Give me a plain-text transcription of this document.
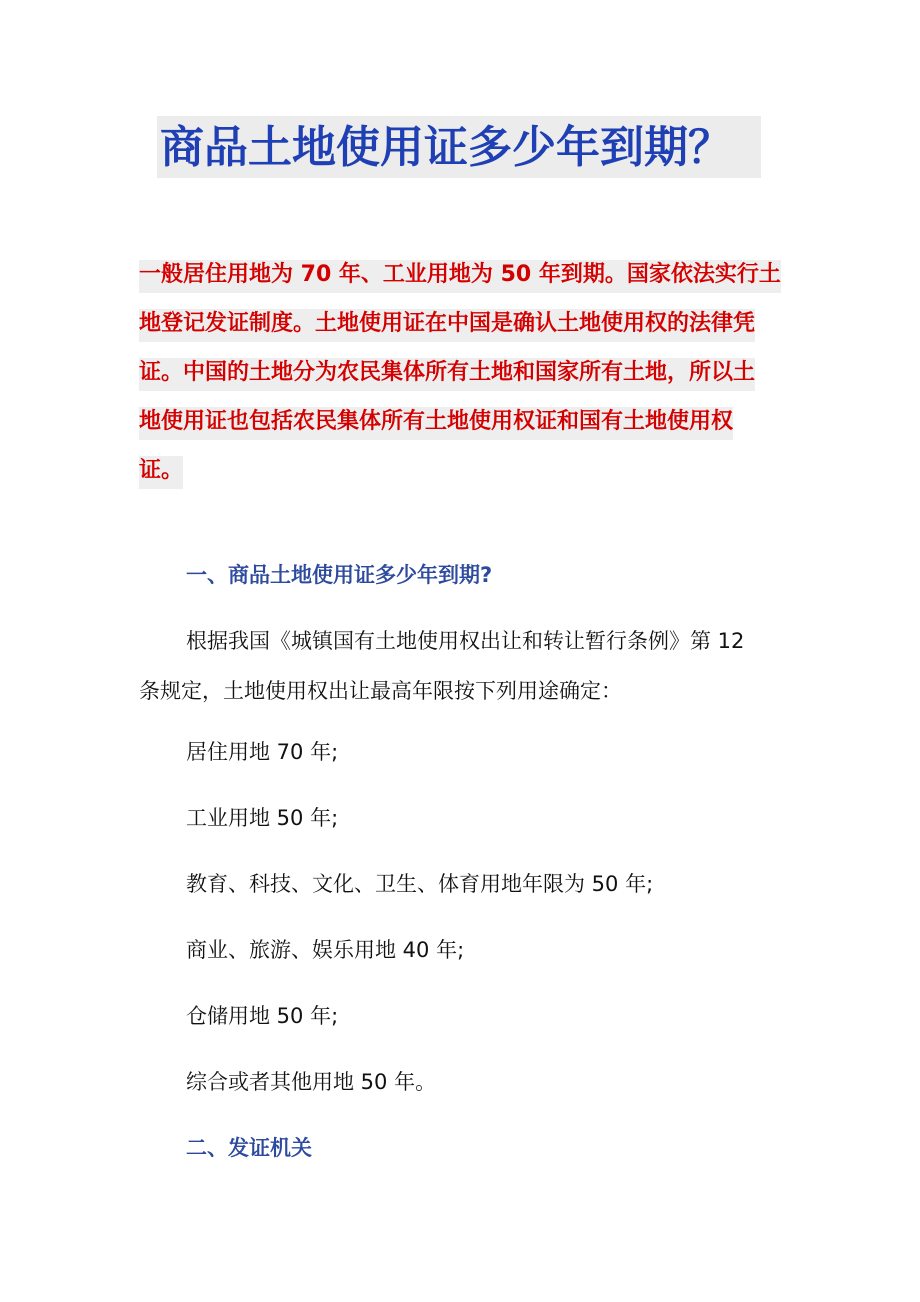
商品土地使用证多少年到期？
一般居住用地为 70 年、工业用地为 50 年到期。国家依法实行土
地登记发证制度。土地使用证在中国是确认土地使用权的法律凭
证。中国的土地分为农民集体所有土地和国家所有土地，所以土
地使用证也包括农民集体所有土地使用权证和国有土地使用权
证。
一、商品土地使用证多少年到期?
根据我国《城镇国有土地使用权出让和转让暂行条例》第 12
条规定，土地使用权出让最高年限按下列用途确定：

居住用地 70 年;

工业用地 50 年;

教育、科技、文化、卫生、体育用地年限为 50 年;

商业、旅游、娱乐用地 40 年;

仓储用地 50 年;

综合或者其他用地 50 年。

二、发证机关
